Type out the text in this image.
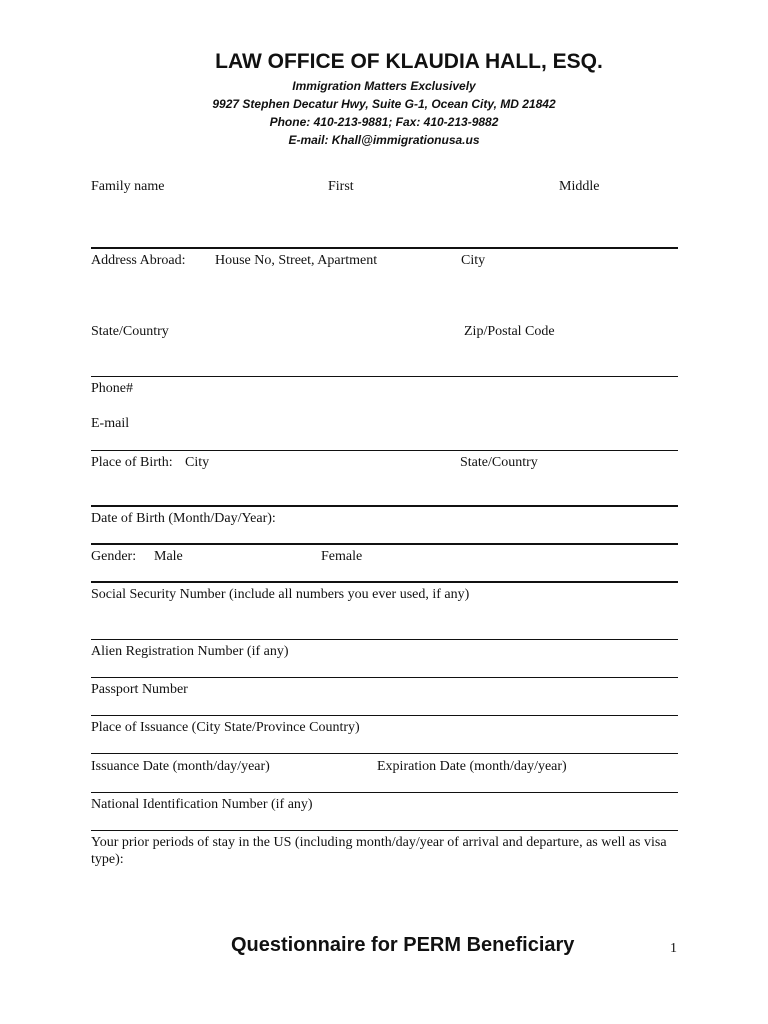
LAW OFFICE OF KLAUDIA HALL, ESQ.
Immigration Matters Exclusively
9927 Stephen Decatur Hwy, Suite G-1, Ocean City, MD 21842
Phone: 410-213-9881; Fax: 410-213-9882
E-mail: Khall@immigrationusa.us
Family name	First	Middle
Address Abroad: House No, Street, Apartment	City
State/Country	Zip/Postal Code
Phone#
E-mail
Place of Birth: City	State/Country
Date of Birth (Month/Day/Year):
Gender: Male	Female
Social Security Number (include all numbers you ever used, if any)
Alien Registration Number (if any)
Passport Number
Place of Issuance (City State/Province Country)
Issuance Date (month/day/year)	Expiration Date (month/day/year)
National Identification Number (if any)
Your prior periods of stay in the US (including month/day/year of arrival and departure, as well as visa type):
Questionnaire for PERM Beneficiary	1
